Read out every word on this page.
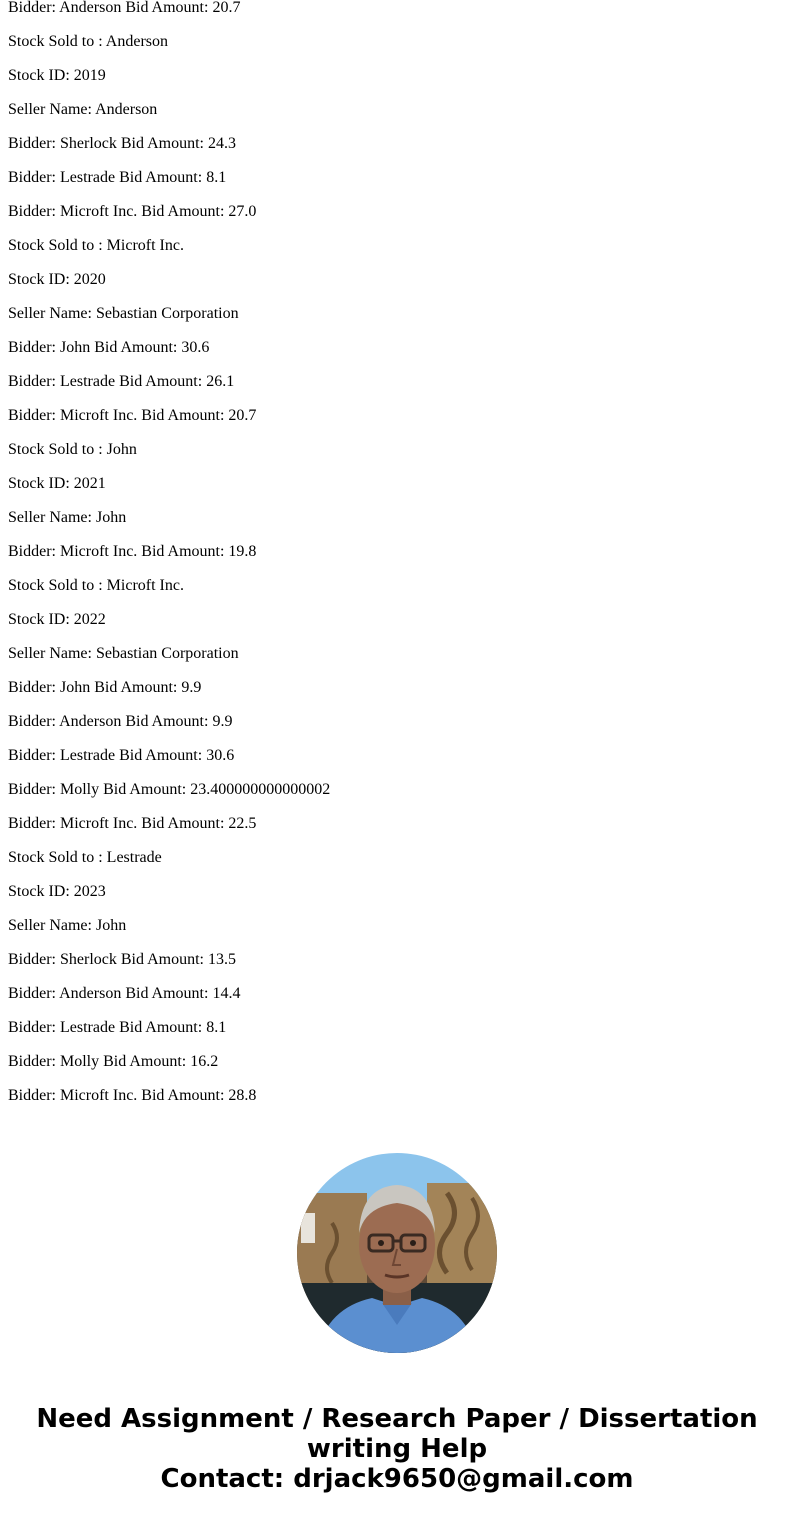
Bidder: Anderson Bid Amount: 20.7

Stock Sold to : Anderson

Stock ID: 2019

Seller Name: Anderson

Bidder: Sherlock Bid Amount: 24.3

Bidder: Lestrade Bid Amount: 8.1

Bidder: Microft Inc. Bid Amount: 27.0

Stock Sold to : Microft Inc.

Stock ID: 2020

Seller Name: Sebastian Corporation

Bidder: John Bid Amount: 30.6

Bidder: Lestrade Bid Amount: 26.1

Bidder: Microft Inc. Bid Amount: 20.7

Stock Sold to : John

Stock ID: 2021

Seller Name: John

Bidder: Microft Inc. Bid Amount: 19.8

Stock Sold to : Microft Inc.

Stock ID: 2022

Seller Name: Sebastian Corporation

Bidder: John Bid Amount: 9.9

Bidder: Anderson Bid Amount: 9.9

Bidder: Lestrade Bid Amount: 30.6

Bidder: Molly Bid Amount: 23.400000000000002

Bidder: Microft Inc. Bid Amount: 22.5

Stock Sold to : Lestrade

Stock ID: 2023

Seller Name: John

Bidder: Sherlock Bid Amount: 13.5

Bidder: Anderson Bid Amount: 14.4

Bidder: Lestrade Bid Amount: 8.1

Bidder: Molly Bid Amount: 16.2

Bidder: Microft Inc. Bid Amount: 28.8

Need Assignment / Research Paper / Dissertation
writing Help
Contact: drjack9650@gmail.com
